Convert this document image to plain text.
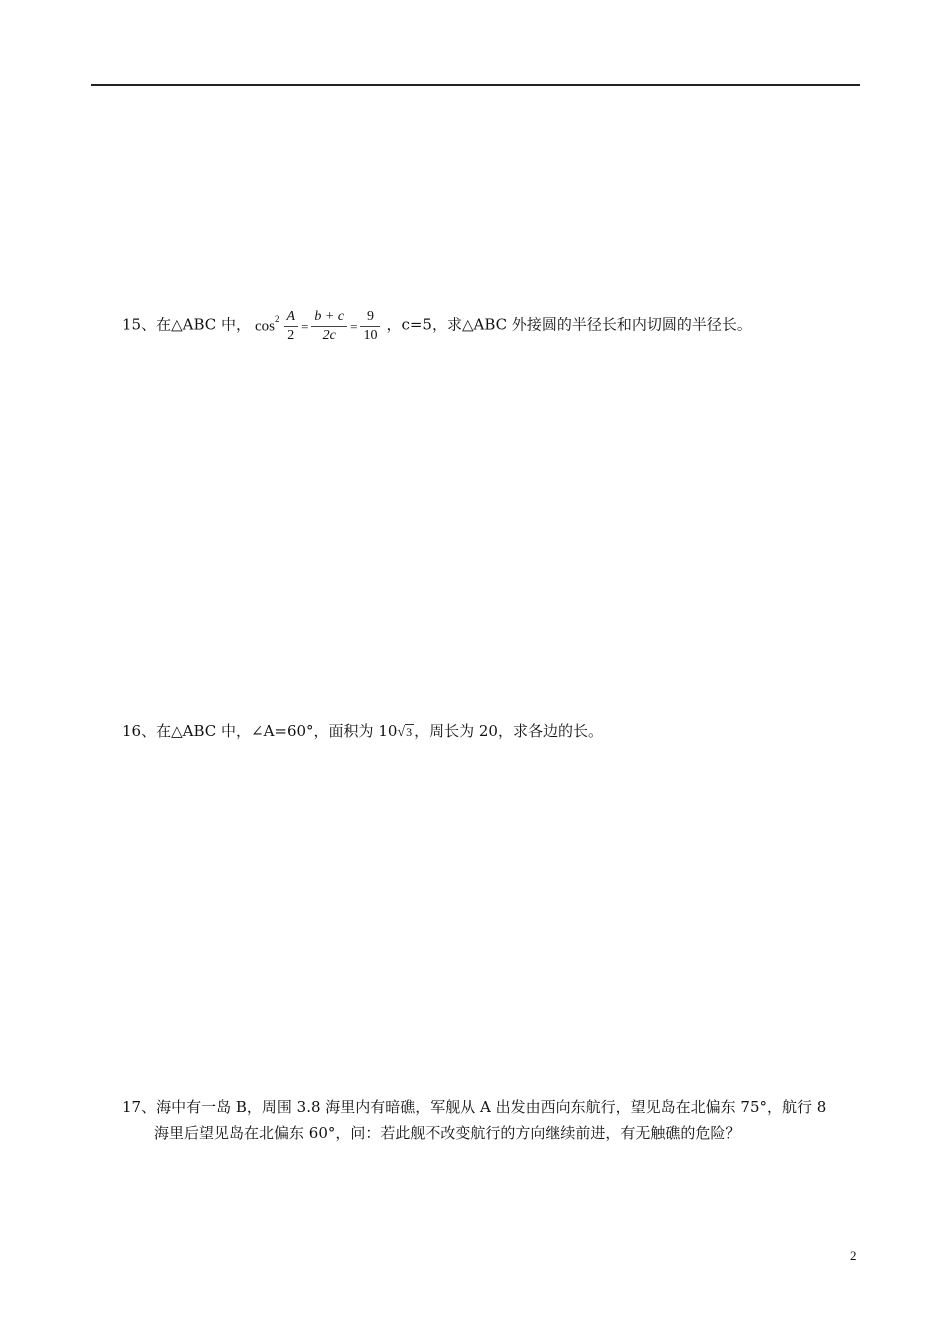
15、在△ABC 中， $\cos^2 \frac{A}{2} = \frac{b + c}{2c} = \frac{9}{10}$ ，c=5，求△ABC 外接圆的半径长和内切圆的半径长。
16、在△ABC 中，∠A=60°，面积为 10√3 ，周长为 20，求各边的长。
17、海中有一岛 B，周围 3.8 海里内有暗礁，军舰从 A 出发由西向东航行，望见岛在北偏东 75°，航行 8
海里后望见岛在北偏东 60°，问：若此舰不改变航行的方向继续前进，有无触礁的危险？
2
